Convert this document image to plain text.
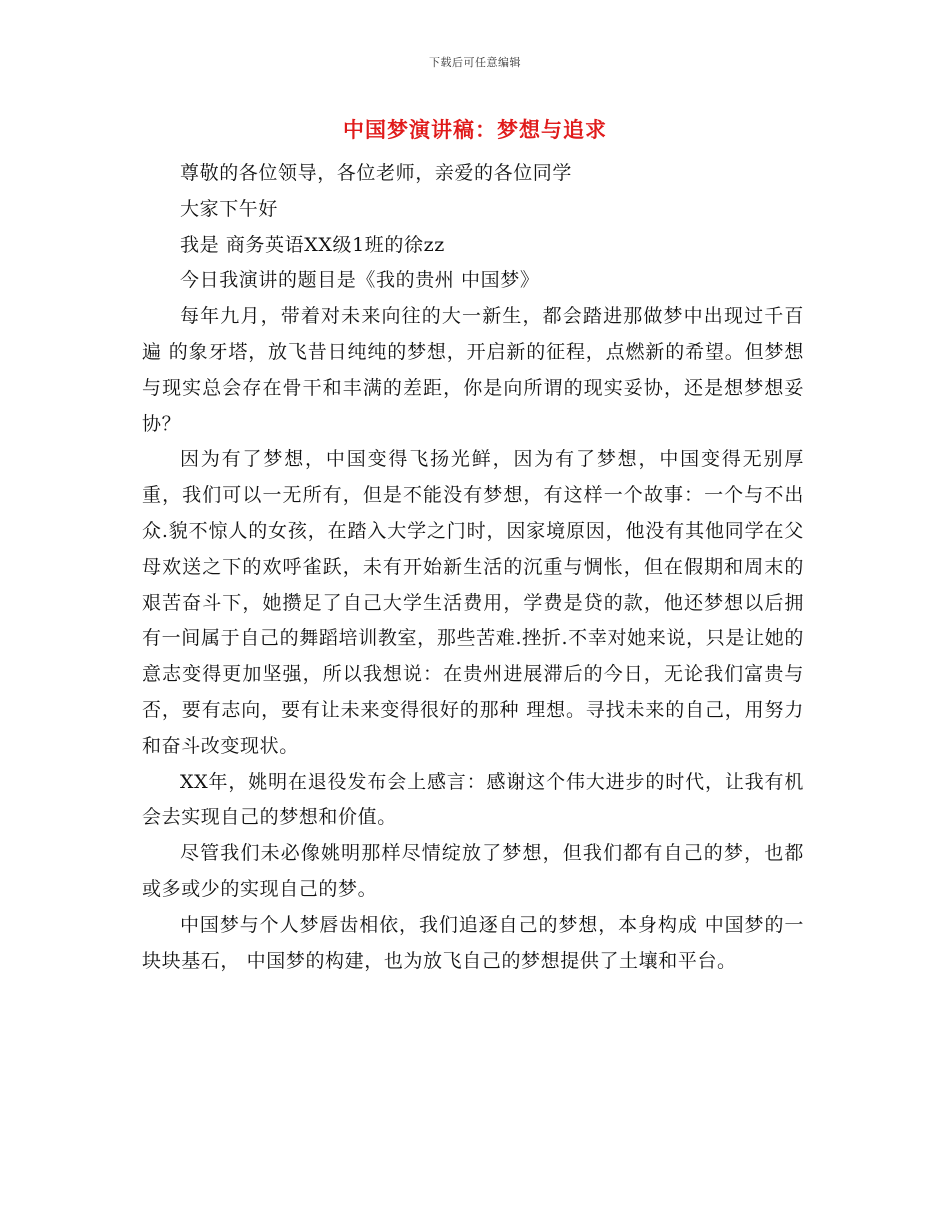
下载后可任意编辑
中国梦演讲稿：梦想与追求

尊敬的各位领导，各位老师，亲爱的各位同学

大家下午好

我是 商务英语XX级1班的徐zz

今日我演讲的题目是《我的贵州 中国梦》

每年九月，带着对未来向往的大一新生，都会踏进那做梦中出现过千百遍 的象牙塔，放飞昔日纯纯的梦想，开启新的征程，点燃新的希望。但梦想与现实总会存在骨干和丰满的差距，你是向所谓的现实妥协，还是想梦想妥协？

因为有了梦想，中国变得飞扬光鲜，因为有了梦想，中国变得无别厚重，我们可以一无所有，但是不能没有梦想，有这样一个故事：一个与不出众.貌不惊人的女孩，在踏入大学之门时，因家境原因，他没有其他同学在父母欢送之下的欢呼雀跃，未有开始新生活的沉重与惆怅，但在假期和周末的艰苦奋斗下，她攒足了自己大学生活费用，学费是贷的款，他还梦想以后拥有一间属于自己的舞蹈培训教室，那些苦难.挫折.不幸对她来说，只是让她的意志变得更加坚强，所以我想说：在贵州进展滞后的今日，无论我们富贵与否，要有志向，要有让未来变得很好的那种 理想。寻找未来的自己，用努力和奋斗改变现状。

XX年，姚明在退役发布会上感言：感谢这个伟大进步的时代，让我有机会去实现自己的梦想和价值。

尽管我们未必像姚明那样尽情绽放了梦想，但我们都有自己的梦，也都或多或少的实现自己的梦。

中国梦与个人梦唇齿相依，我们追逐自己的梦想，本身构成 中国梦的一块块基石， 中国梦的构建，也为放飞自己的梦想提供了土壤和平台。
